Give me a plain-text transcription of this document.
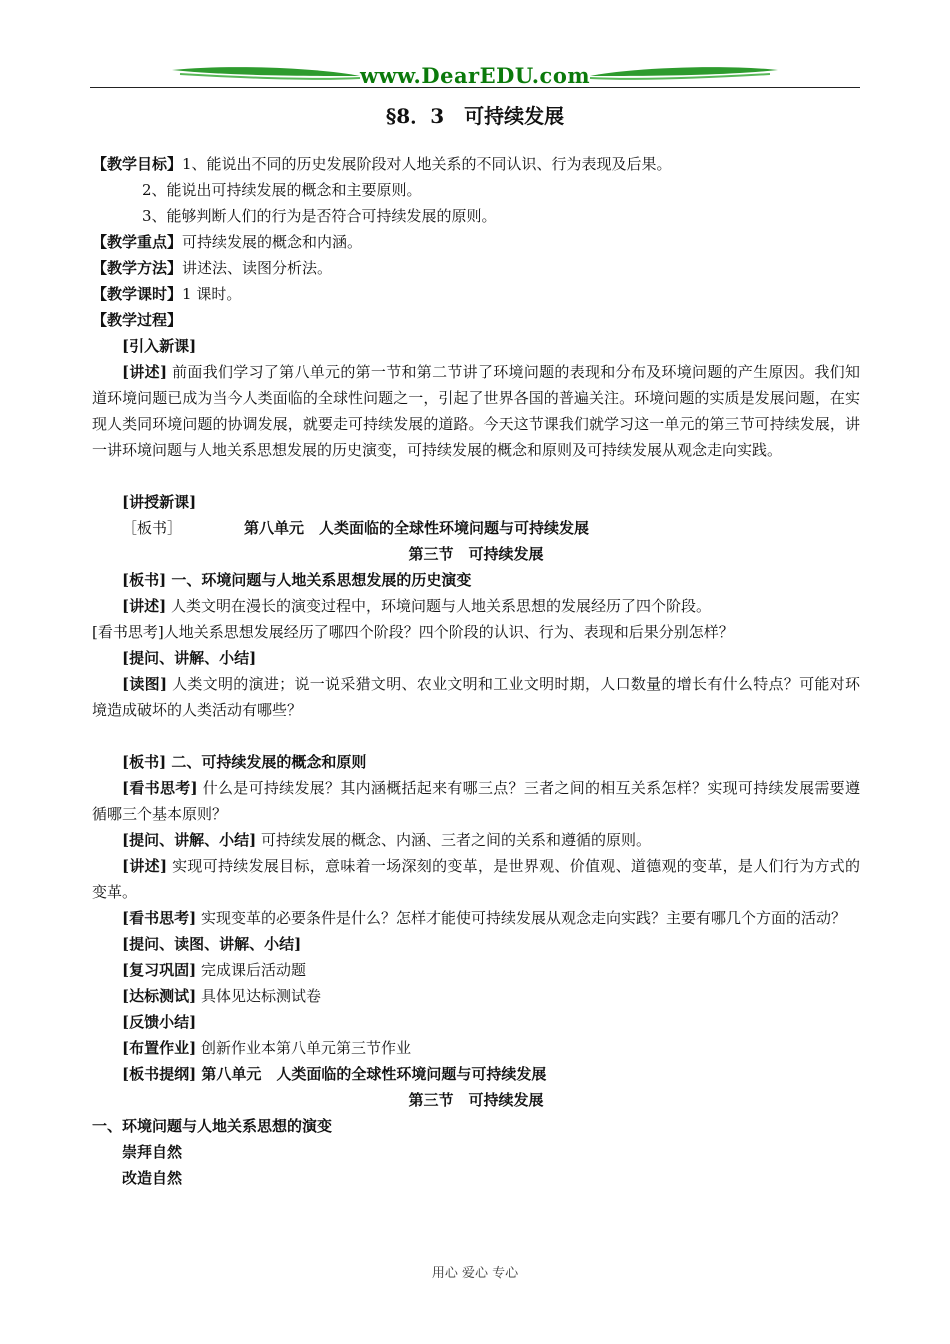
www.DearEDU.com
§8．3　可持续发展
【教学目标】1、能说出不同的历史发展阶段对人地关系的不同认识、行为表现及后果。
2、能说出可持续发展的概念和主要原则。
3、能够判断人们的行为是否符合可持续发展的原则。
【教学重点】可持续发展的概念和内涵。
【教学方法】讲述法、读图分析法。
【教学课时】1 课时。
【教学过程】
[引入新课]
[讲述] 前面我们学习了第八单元的第一节和第二节讲了环境问题的表现和分布及环境问题的产生原因。我们知道环境问题已成为当今人类面临的全球性问题之一，引起了世界各国的普遍关注。环境问题的实质是发展问题，在实现人类同环境问题的协调发展，就要走可持续发展的道路。今天这节课我们就学习这一单元的第三节可持续发展，讲一讲环境问题与人地关系思想发展的历史演变，可持续发展的概念和原则及可持续发展从观念走向实践。
[讲授新课]
［板书］	第八单元　人类面临的全球性环境问题与可持续发展
第三节　可持续发展
[板书] 一、环境问题与人地关系思想发展的历史演变
[讲述] 人类文明在漫长的演变过程中，环境问题与人地关系思想的发展经历了四个阶段。
[看书思考]人地关系思想发展经历了哪四个阶段？四个阶段的认识、行为、表现和后果分别怎样？
[提问、讲解、小结]
[读图] 人类文明的演进；说一说采猎文明、农业文明和工业文明时期，人口数量的增长有什么特点？可能对环境造成破坏的人类活动有哪些？
[板书] 二、可持续发展的概念和原则
[看书思考] 什么是可持续发展？其内涵概括起来有哪三点？三者之间的相互关系怎样？实现可持续发展需要遵循哪三个基本原则？
[提问、讲解、小结] 可持续发展的概念、内涵、三者之间的关系和遵循的原则。
[讲述] 实现可持续发展目标，意味着一场深刻的变革，是世界观、价值观、道德观的变革，是人们行为方式的变革。
[看书思考] 实现变革的必要条件是什么？怎样才能使可持续发展从观念走向实践？主要有哪几个方面的活动？
[提问、读图、讲解、小结]
[复习巩固] 完成课后活动题
[达标测试] 具体见达标测试卷
[反馈小结]
[布置作业] 创新作业本第八单元第三节作业
[板书提纲] 第八单元　人类面临的全球性环境问题与可持续发展
第三节　可持续发展
一、环境问题与人地关系思想的演变
崇拜自然
改造自然
用心 爱心 专心
